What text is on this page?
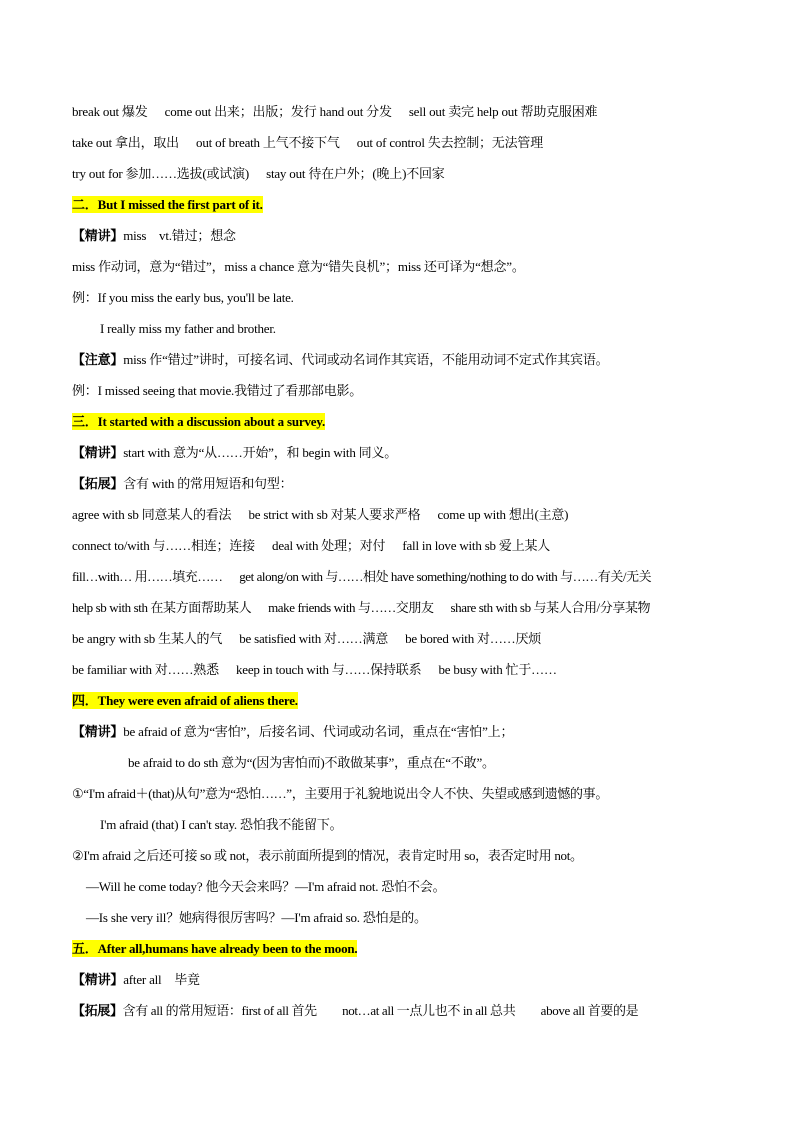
break out 爆发 come out 出来；出版；发行 hand out 分发 sell out 卖完 help out 帮助克服困难
take out 拿出，取出 out of breath 上气不接下气 out of control 失去控制；无法管理
try out for 参加……选拔(或试演) stay out 待在户外；(晚上)不回家
二．But I missed the first part of it.
【精讲】miss　vt.错过；想念
miss 作动词，意为“错过”，miss a chance 意为“错失良机”；miss 还可译为“想念”。
例：If you miss the early bus, you'll be late.
I really miss my father and brother.
【注意】miss 作“错过”讲时，可接名词、代词或动名词作其宾语，不能用动词不定式作其宾语。
例：I missed seeing that movie.我错过了看那部电影。
三．It started with a discussion about a survey.
【精讲】start with 意为“从……开始”，和 begin with 同义。
【拓展】含有 with 的常用短语和句型：
agree with sb 同意某人的看法 be strict with sb 对某人要求严格 come up with 想出(主意)
connect to/with 与……相连；连接 deal with 处理；对付 fall in love with sb 爱上某人
fill…with… 用……填充…… get along/on with 与……相处 have something/nothing to do with 与……有关/无关
help sb with sth 在某方面帮助某人 make friends with 与……交朋友 share sth with sb 与某人合用/分享某物
be angry with sb 生某人的气 be satisfied with 对……满意 be bored with 对……厌烦
be familiar with 对……熟悉 keep in touch with 与……保持联系 be busy with 忙于……
四．They were even afraid of aliens there.
【精讲】be afraid of 意为“害怕”，后接名词、代词或动名词，重点在“害怕”上；
be afraid to do sth 意为“(因为害怕而)不敢做某事”，重点在“不敢”。
①“I'm afraid＋(that)从句”意为“恐怕……”，主要用于礼貌地说出令人不快、失望或感到遗憾的事。
I'm afraid (that) I can't stay. 恐怕我不能留下。
②I'm afraid 之后还可接 so 或 not，表示前面所提到的情况，表肯定时用 so，表否定时用 not。
—Will he come today? 他今天会来吗？—I'm afraid not. 恐怕不会。
—Is she very ill？她病得很厉害吗？—I'm afraid so. 恐怕是的。
五．After all,humans have already been to the moon.
【精讲】after all　毕竟
【拓展】含有 all 的常用短语：first of all 首先　　not…at all 一点儿也不 in all 总共　　above all 首要的是
